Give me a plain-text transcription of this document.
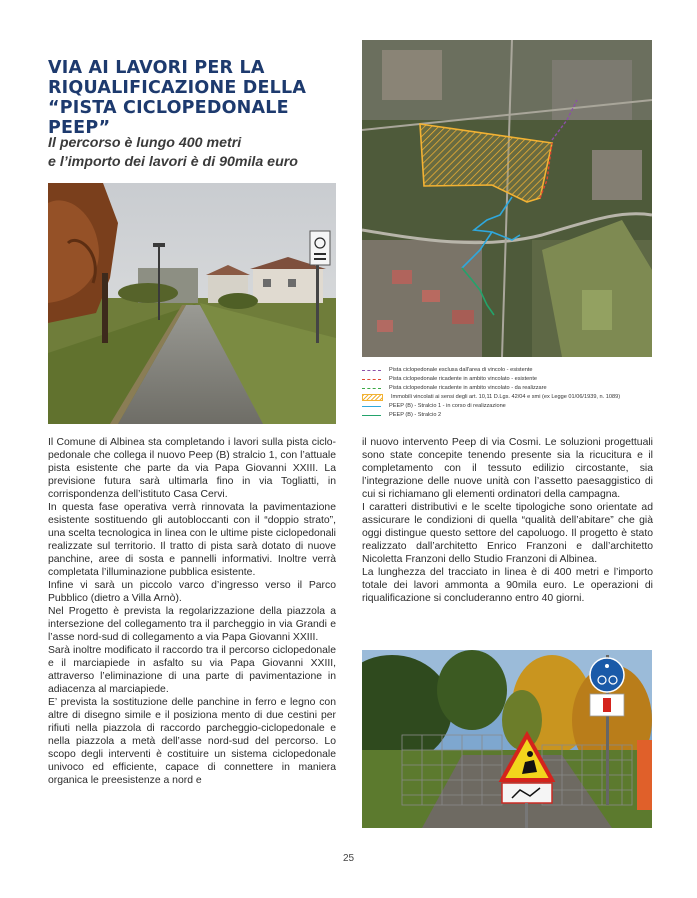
VIA AI LAVORI PER LA
RIQUALIFICAZIONE DELLA
“PISTA CICLOPEDONALE PEEP”
Il percorso è lungo 400 metri
e l’importo dei lavori è di 90mila euro
Pista ciclopedonale esclusa dall'area di vincolo - esistente
Pista ciclopedonale ricadente in ambito vincolato - esistente
Pista ciclopedonale ricadente in ambito vincolato - da realizzare
Immobili vincolati ai sensi degli art. 10,11 D.Lgs. 42/04 e smi (ex Legge 01/06/1939, n. 1089)
PEEP (B) - Stralcio 1 - in corso di realizzazione
PEEP (B) - Stralcio 2

Il Comune di Albinea sta completando i lavori sulla pista ciclo-pedonale che collega il nuovo Peep (B) stralcio 1, con l’attuale pista esistente che parte da via Papa Giovanni XXIII. La previsione futura sarà ultimarla fino in via Togliatti, in corrispondenza dell’istituto Casa Cervi.

In questa fase operativa verrà rinnovata la pavimentazione esistente sostituendo gli autobloccanti con il “doppio strato”, una scelta tecnologica in linea con le ultime piste ciclopedonali realizzate sul territorio. Il tratto di pista sarà dotato di nuove panchine, aree di sosta e pannelli informativi. Inoltre verrà completata l’illuminazione pubblica esistente.

Infine vi sarà un piccolo varco d’ingresso verso il Parco Pubblico (dietro a Villa Arnò).

Nel Progetto è prevista la regolarizzazione della piazzola a intersezione del collegamento tra il parcheggio in via Grandi e l’asse nord-sud di collegamento a via Papa Giovanni XXIII.

Sarà inoltre modificato il raccordo tra il percorso ciclopedonale e il marciapiede in asfalto su via Papa Giovanni XXIII, attraverso l’eliminazione di una parte di pavimentazione in adiacenza al marciapiede.

E’ prevista la sostituzione delle panchine in ferro e legno con altre di disegno simile e il posiziona mento di due cestini per rifiuti nella piazzola di raccordo parcheggio-ciclopedonale e nella piazzola a metà dell’asse nord-sud del percorso. Lo scopo degli interventi è costituire un sistema ciclopedonale univoco ed efficiente, capace di connettere in maniera organica le preesistenze a nord e

il nuovo intervento Peep di via Cosmi. Le soluzioni progettuali sono state concepite tenendo presente sia la ricucitura e il completamento con il tessuto edilizio circostante, sia l’integrazione delle nuove unità con l’assetto paesaggistico di cui si richiamano gli elementi ordinatori della campagna.

I caratteri distributivi e le scelte tipologiche sono orientate ad assicurare le condizioni di quella “qualità dell’abitare” che già oggi distingue questo settore del capoluogo. Il progetto è stato realizzato dall’architetto Enrico Franzoni e dall’architetto Nicoletta Franzoni dello Studio Franzoni di Albinea.

La lunghezza del tracciato in linea è di 400 metri e l’importo totale dei lavori ammonta a 90mila euro. Le operazioni di riqualificazione si concluderanno entro 40 giorni.

25
